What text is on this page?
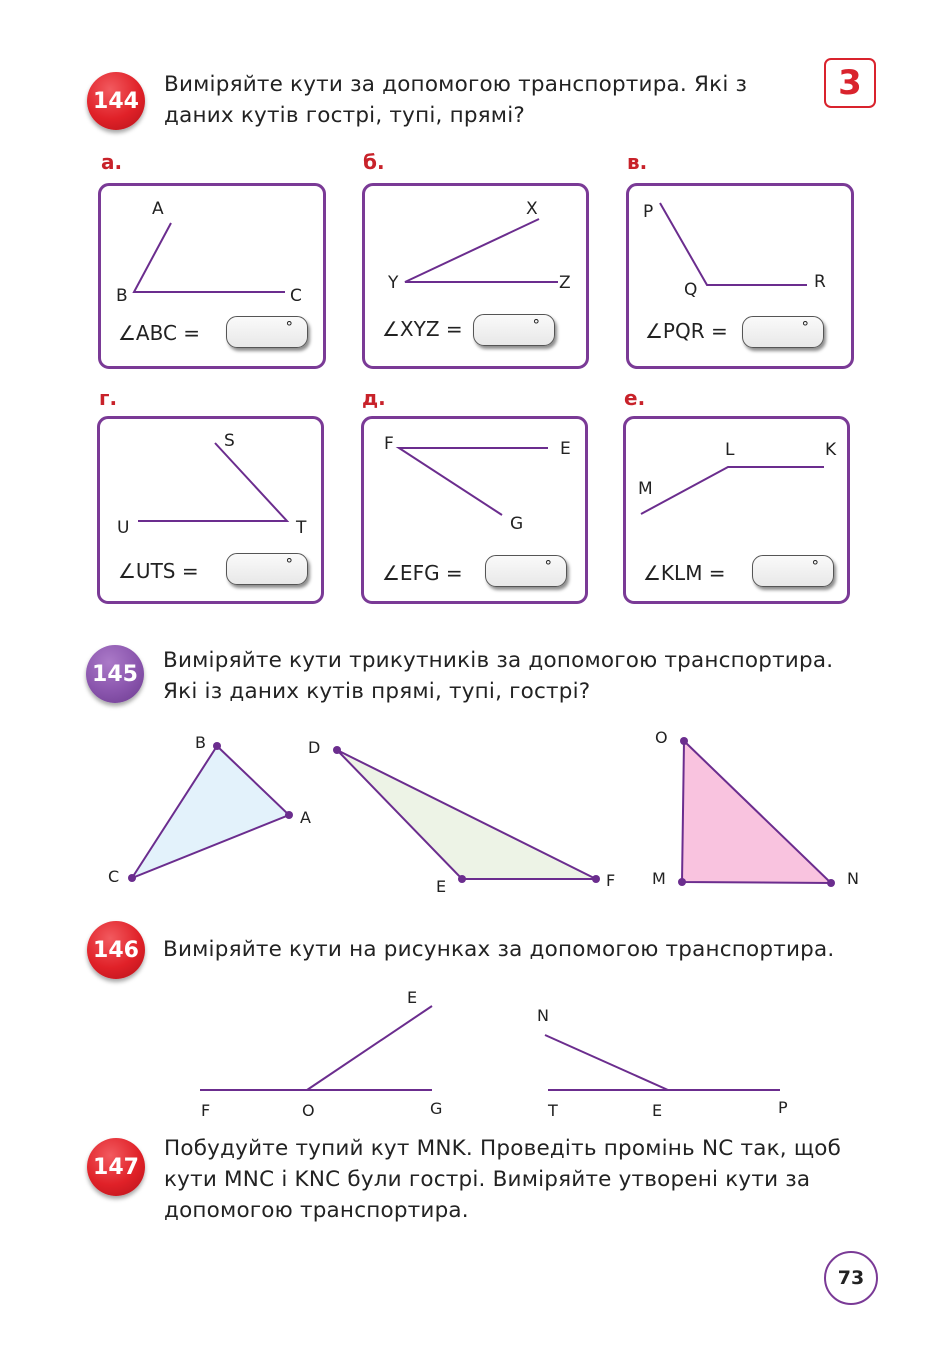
3
144
Виміряйте кути за допомогою транспортира. Які з
даних кутів гострі, тупі, прямі?
а.
A
B	C
∠ABC =	°
б.
X
Y	Z
∠XYZ =	°
в.
P
Q	R
∠PQR =	°
г.
S
U	T
∠UTS =	°
д.
F	E
G
∠EFG =	°
е.
L	K
M
∠KLM =	°
145
Виміряйте кути трикутників за допомогою транспортира.
Які із даних кутів прямі, тупі, гострі?
B
A
C
D
E	F
O
M	N
146 Виміряйте кути на рисунках за допомогою транспортира.
E
F	O	G
N
T	E	P
147
Побудуйте тупий кут MNK. Проведіть промінь NC так, щоб
кути MNC і KNC були гострі. Виміряйте утворені кути за
допомогою транспортира.
73
